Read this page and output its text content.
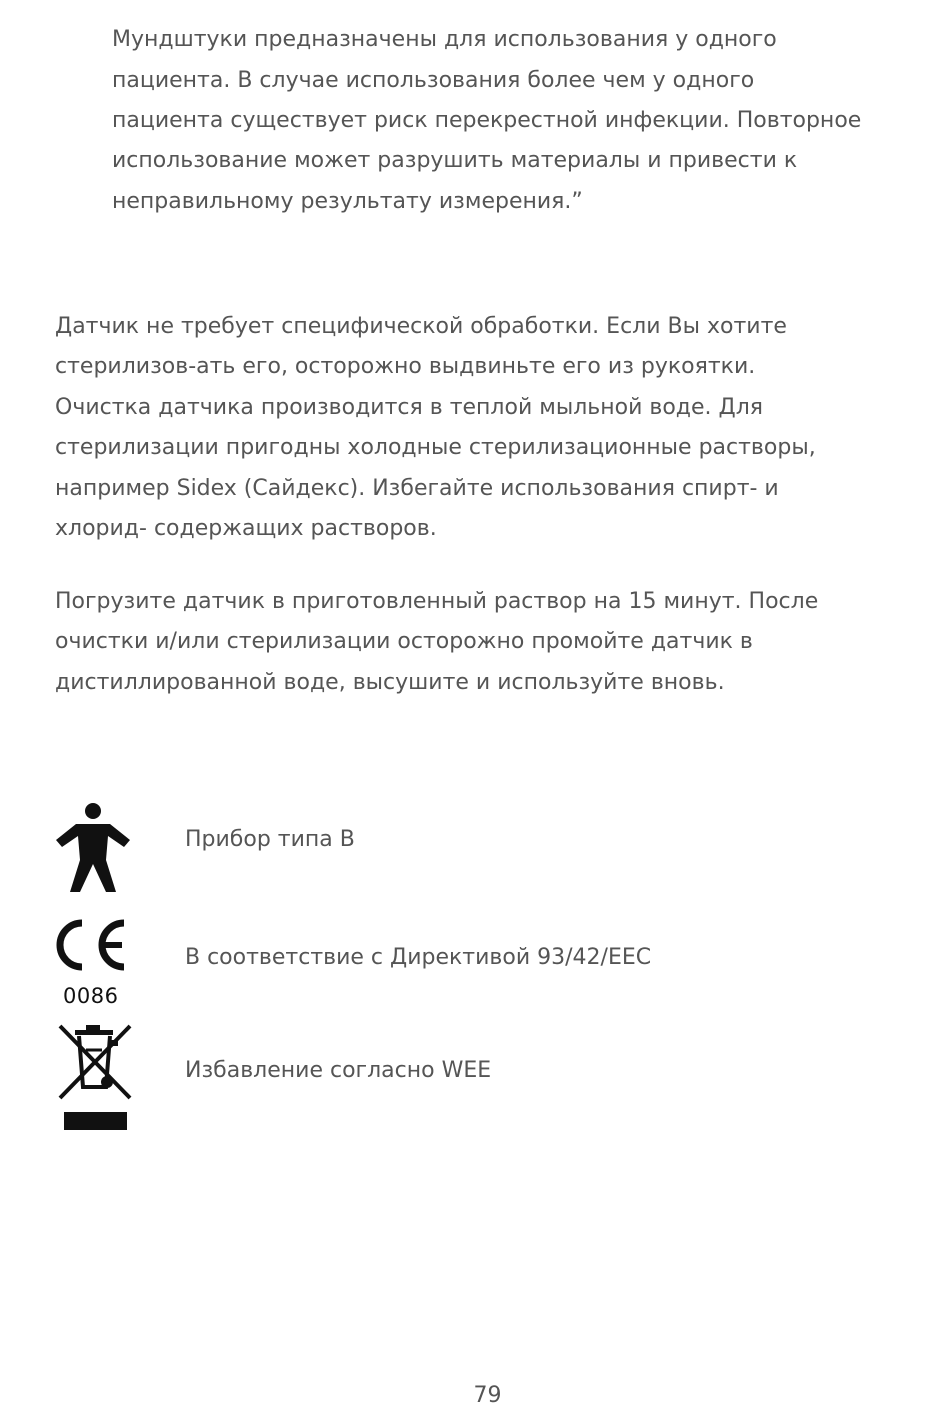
Мундштуки предназначены для использования у одного
пациента. В случае использования более чем у одного
пациента существует риск перекрестной инфекции. Повторное
использование может разрушить материалы и привести к
неправильному результату измерения.”
Датчик не требует специфической обработки. Если Вы хотите
стерилизов-ать его, осторожно выдвиньте его из рукоятки.
Очистка датчика производится в теплой мыльной воде. Для
стерилизации пригодны холодные стерилизационные растворы,
например Sidex (Сайдекс). Избегайте использования спирт- и
хлорид- содержащих растворов.
Погрузите датчик в приготовленный раствор на 15 минут. После
очистки и/или стерилизации осторожно промойте датчик в
дистиллированной воде, высушите и используйте вновь.
Прибор типа B
0086
В соответствие с Директивой 93/42/EEC
Избавление согласно WEE
79
